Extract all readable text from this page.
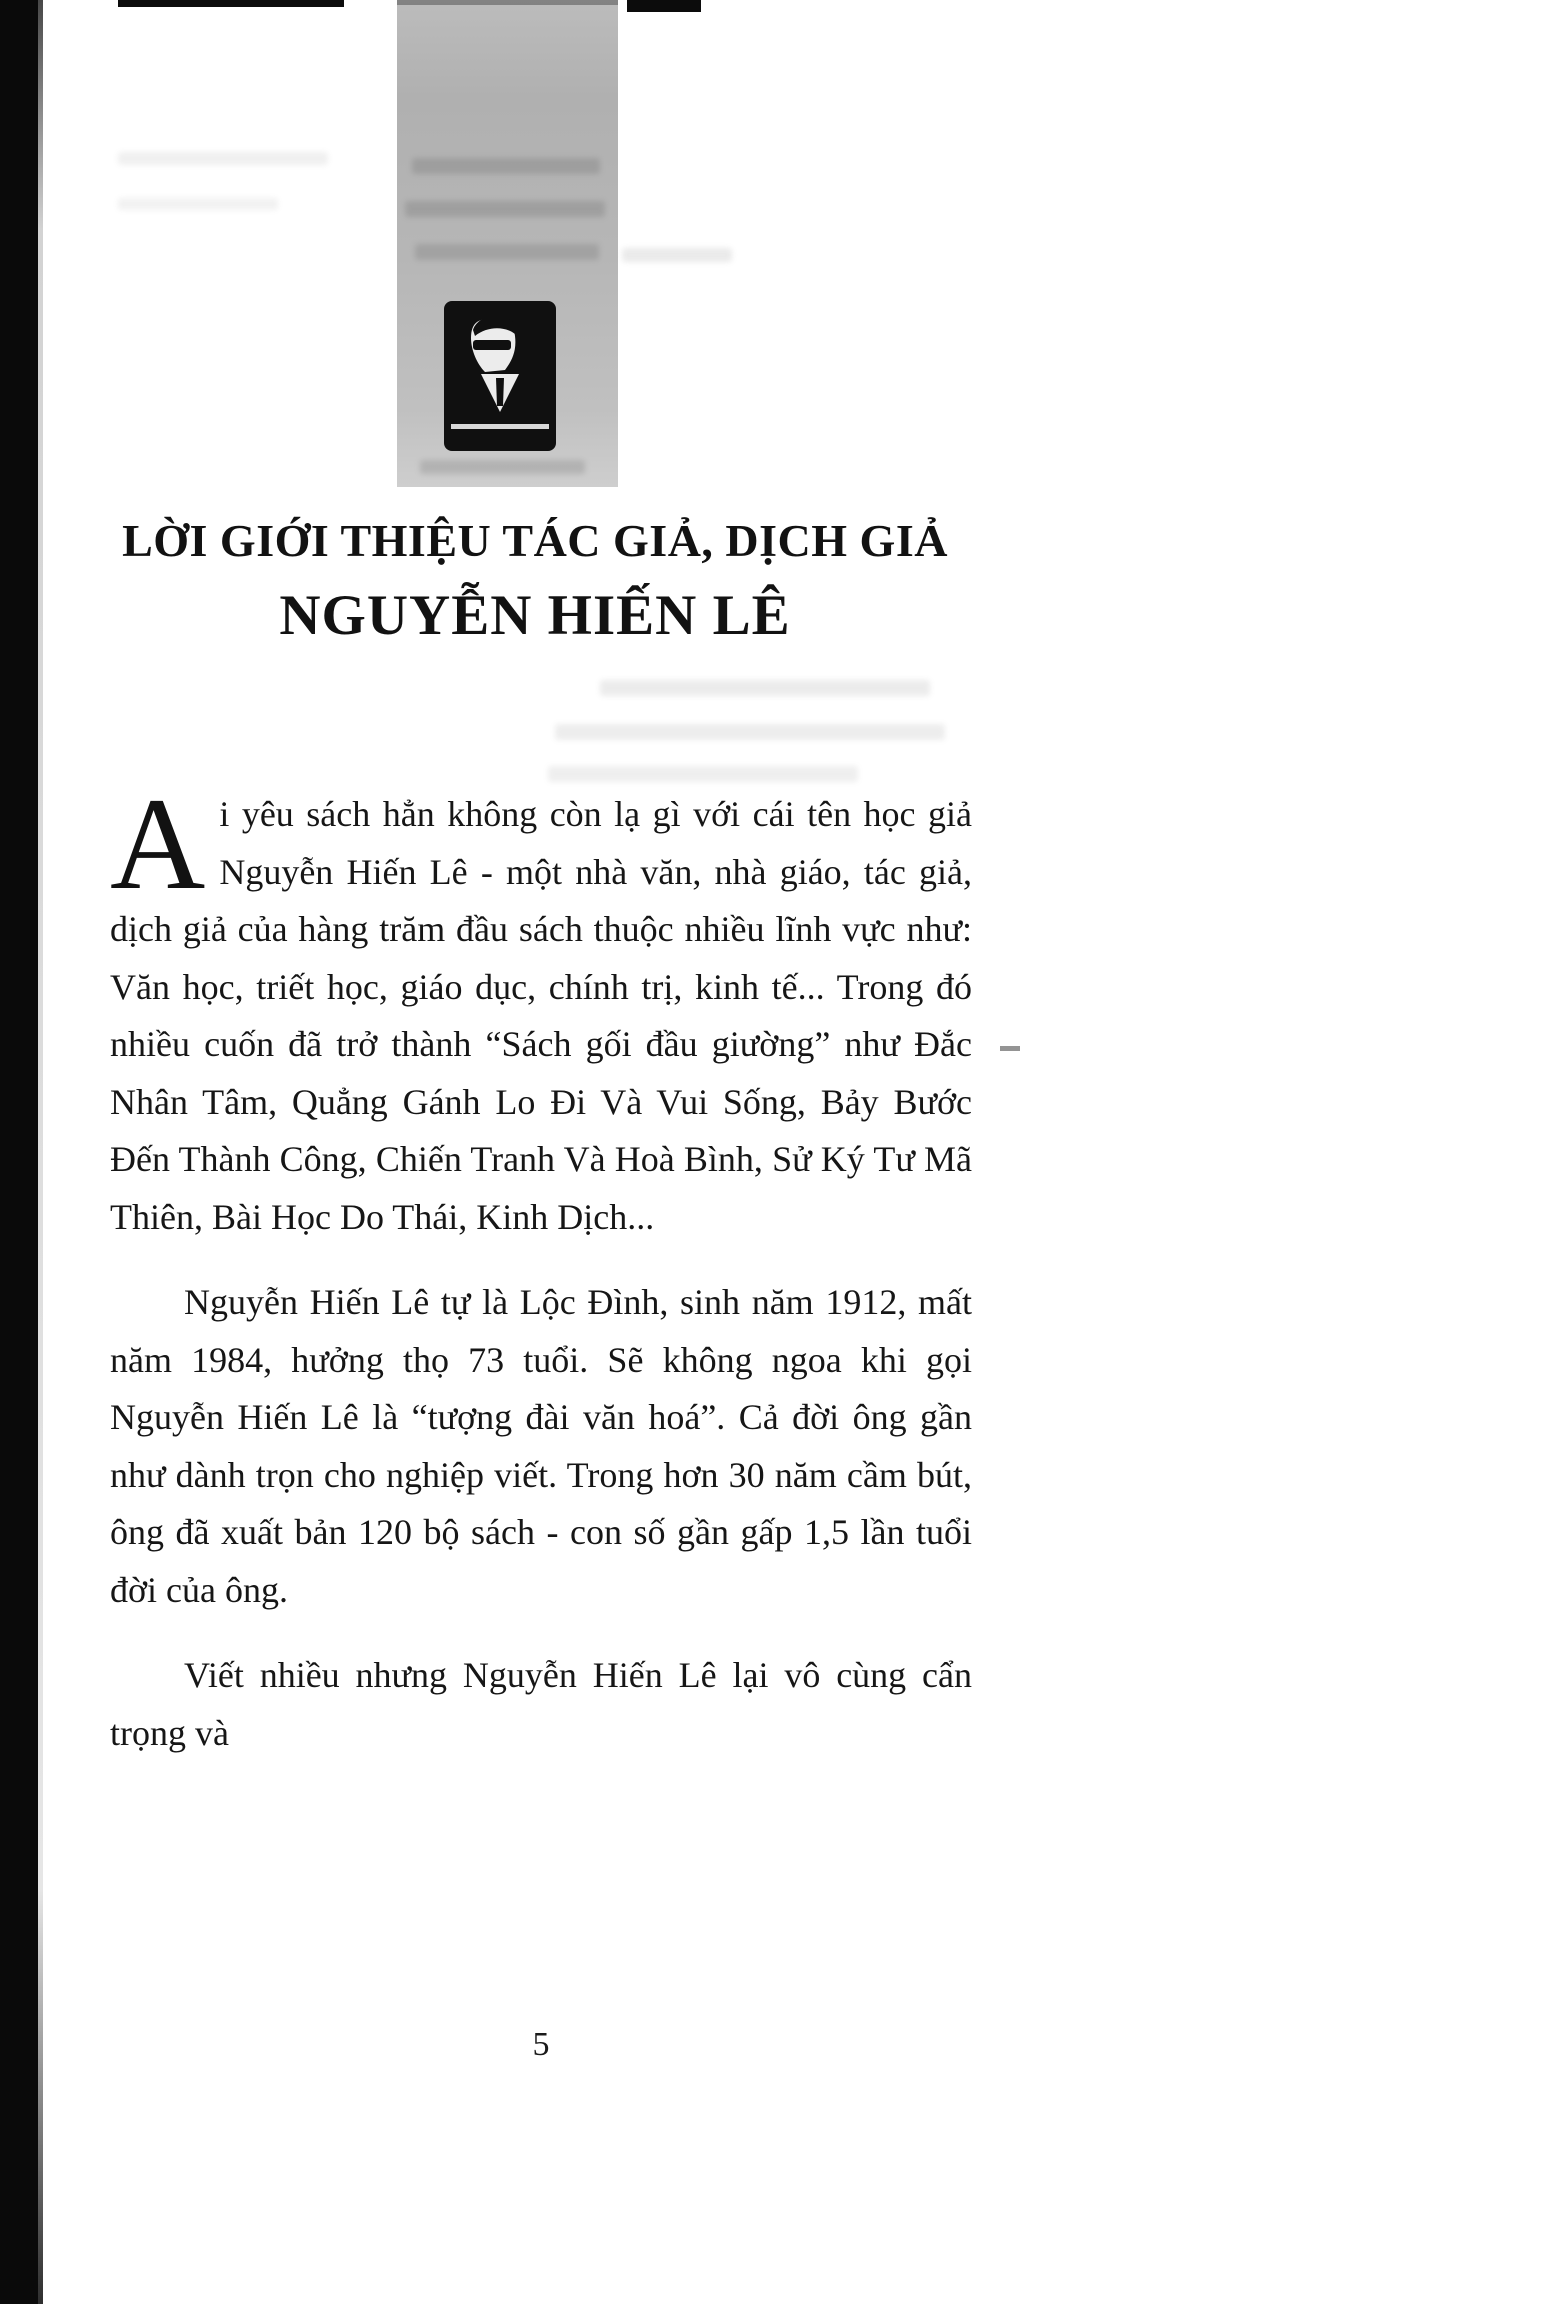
LỜI GIỚI THIỆU TÁC GIẢ, DỊCH GIẢ
NGUYỄN HIẾN LÊ

Ai yêu sách hẳn không còn lạ gì với cái tên học giả Nguyễn Hiến Lê - một nhà văn, nhà giáo, tác giả, dịch giả của hàng trăm đầu sách thuộc nhiều lĩnh vực như: Văn học, triết học, giáo dục, chính trị, kinh tế... Trong đó nhiều cuốn đã trở thành “Sách gối đầu giường” như Đắc Nhân Tâm, Quẳng Gánh Lo Đi Và Vui Sống, Bảy Bước Đến Thành Công, Chiến Tranh Và Hoà Bình, Sử Ký Tư Mã Thiên, Bài Học Do Thái, Kinh Dịch...

Nguyễn Hiến Lê tự là Lộc Đình, sinh năm 1912, mất năm 1984, hưởng thọ 73 tuổi. Sẽ không ngoa khi gọi Nguyễn Hiến Lê là “tượng đài văn hoá”. Cả đời ông gần như dành trọn cho nghiệp viết. Trong hơn 30 năm cầm bút, ông đã xuất bản 120 bộ sách - con số gần gấp 1,5 lần tuổi đời của ông.

Viết nhiều nhưng Nguyễn Hiến Lê lại vô cùng cẩn trọng và

5
